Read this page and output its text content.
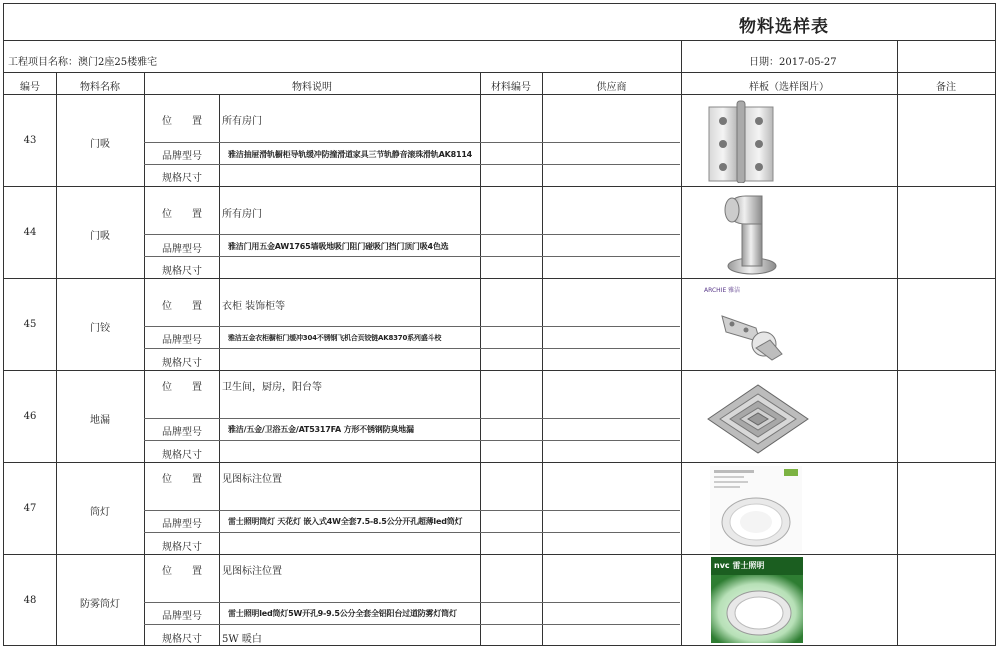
物料选样表
工程项目名称：澳门2座25楼雅宅	日期：2017-05-27
编号	物料名称	物料说明	材料编号	供应商	样板（选样图片）	备注
43	门吸
位　　置 所有房门
品牌型号	雅洁抽屉滑轨橱柜导轨缓冲防撞滑道家具三节轨静音滚珠滑轨AK8114
规格尺寸
44	门吸
位　　置 所有房门
品牌型号	雅洁门用五金AW1765墙吸地吸门阻门碰吸门挡门顶门吸4色选
规格尺寸
45	门铰
位　　置 衣柜 装饰柜等
品牌型号	雅洁五金衣柜橱柜门缓冲304不锈钢飞机合页铰链AK8370系列盛斗校
规格尺寸
ARCHIE 雅洁
46	地漏
位　　置 卫生间，厨房，阳台等
品牌型号	雅洁/五金/卫浴五金/AT5317FA 方形不锈钢防臭地漏
规格尺寸
47	筒灯
位　　置 见图标注位置
品牌型号	雷士照明筒灯 天花灯 嵌入式4W全套7.5-8.5公分开孔超薄led筒灯
规格尺寸
48	防雾筒灯
位　　置 见图标注位置
品牌型号	雷士照明led筒灯5W开孔9-9.5公分全套全铝阳台过道防雾灯筒灯
规格尺寸 5W 暖白
nvc 雷士照明
